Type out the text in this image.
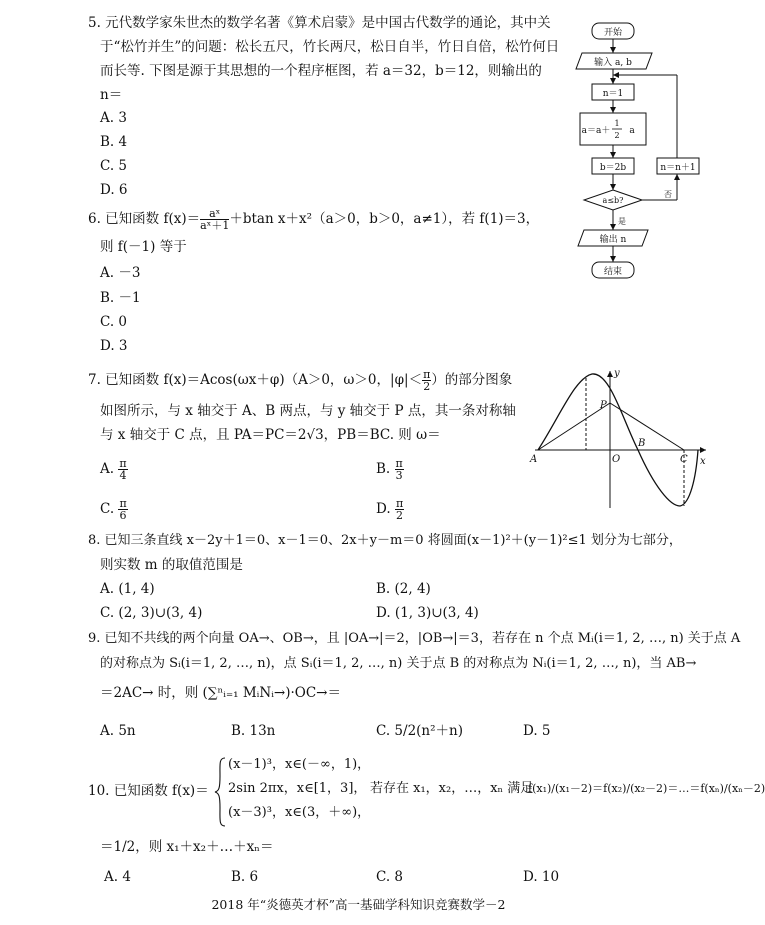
5. 元代数学家朱世杰的数学名著《算术启蒙》是中国古代数学的通论，其中关
于“松竹并生”的问题：松长五尺，竹长两尺，松日自半，竹日自倍，松竹何日
而长等. 下图是源于其思想的一个程序框图，若 a＝32，b＝12，则输出的
n＝
A. 3
B. 4
C. 5
D. 6
开始
输入 a, b
n＝1
a＝a＋
1
2 a
b＝2b	n＝n＋1
a≤b?
否
是
输出 n
结束
6. 已知函数 $f(x)= \frac{\text{aˣ}}{\text{aˣ＋1}} +btan$ x＋x²（a＞0，b＞0，a≠1），若 f(1)＝3，
则 f(－1) 等于
A. －3
B. －1
C. 0
D. 3
7. 已知函数 f(x)＝Acos(ωx＋φ)（A＞0，ω＞0，$|\varphi|< \frac{\pi}{2}$ ）的部分图象
如图所示，与 x 轴交于 A、B 两点，与 y 轴交于 P 点，其一条对称轴
与 x 轴交于 C 点，且 PA＝PC＝2√3，PB＝BC. 则 ω＝
A. $\frac{\pi}{4}$	B. $\frac{\pi}{3}$
C. $\frac{\pi}{6}$	D. $\frac{\pi}{2}$
y
x
A	O
B
C
P
8. 已知三条直线 x－2y＋1＝0、x－1＝0、2x＋y－m＝0 将圆面(x－1)²＋(y－1)²≤1 划分为七部分，
则实数 m 的取值范围是
A. (1, 4)	B. (2, 4)
C. (2, 3)∪(3, 4)	D. (1, 3)∪(3, 4)
9. 已知不共线的两个向量 OA→、OB→，且 |OA→|＝2，|OB→|＝3，若存在 n 个点 Mᵢ(i＝1, 2, …, n) 关于点 A
的对称点为 Sᵢ(i＝1, 2, …, n)，点 Sᵢ(i＝1, 2, …, n) 关于点 B 的对称点为 Nᵢ(i＝1, 2, …, n)，当 AB→
＝2AC→ 时，则 (∑ⁿᵢ₌₁ MᵢNᵢ→)·OC→＝
A. 5n	B. 13n	C. 5/2(n²＋n)	D. 5
10. 已知函数 f(x)＝
(x－1)³，x∈(－∞，1)，
2sin 2πx，x∈[1，3]，
(x－3)³，x∈(3，＋∞)，
若存在 x₁，x₂，…，xₙ 满足
f(x₁)/(x₁－2)＝f(x₂)/(x₂－2)＝…＝f(xₙ)/(xₙ－2)
＝1/2，则 x₁＋x₂＋…＋xₙ＝
A. 4	B. 6	C. 8	D. 10
2018 年“炎德英才杯”高一基础学科知识竞赛数学－2
